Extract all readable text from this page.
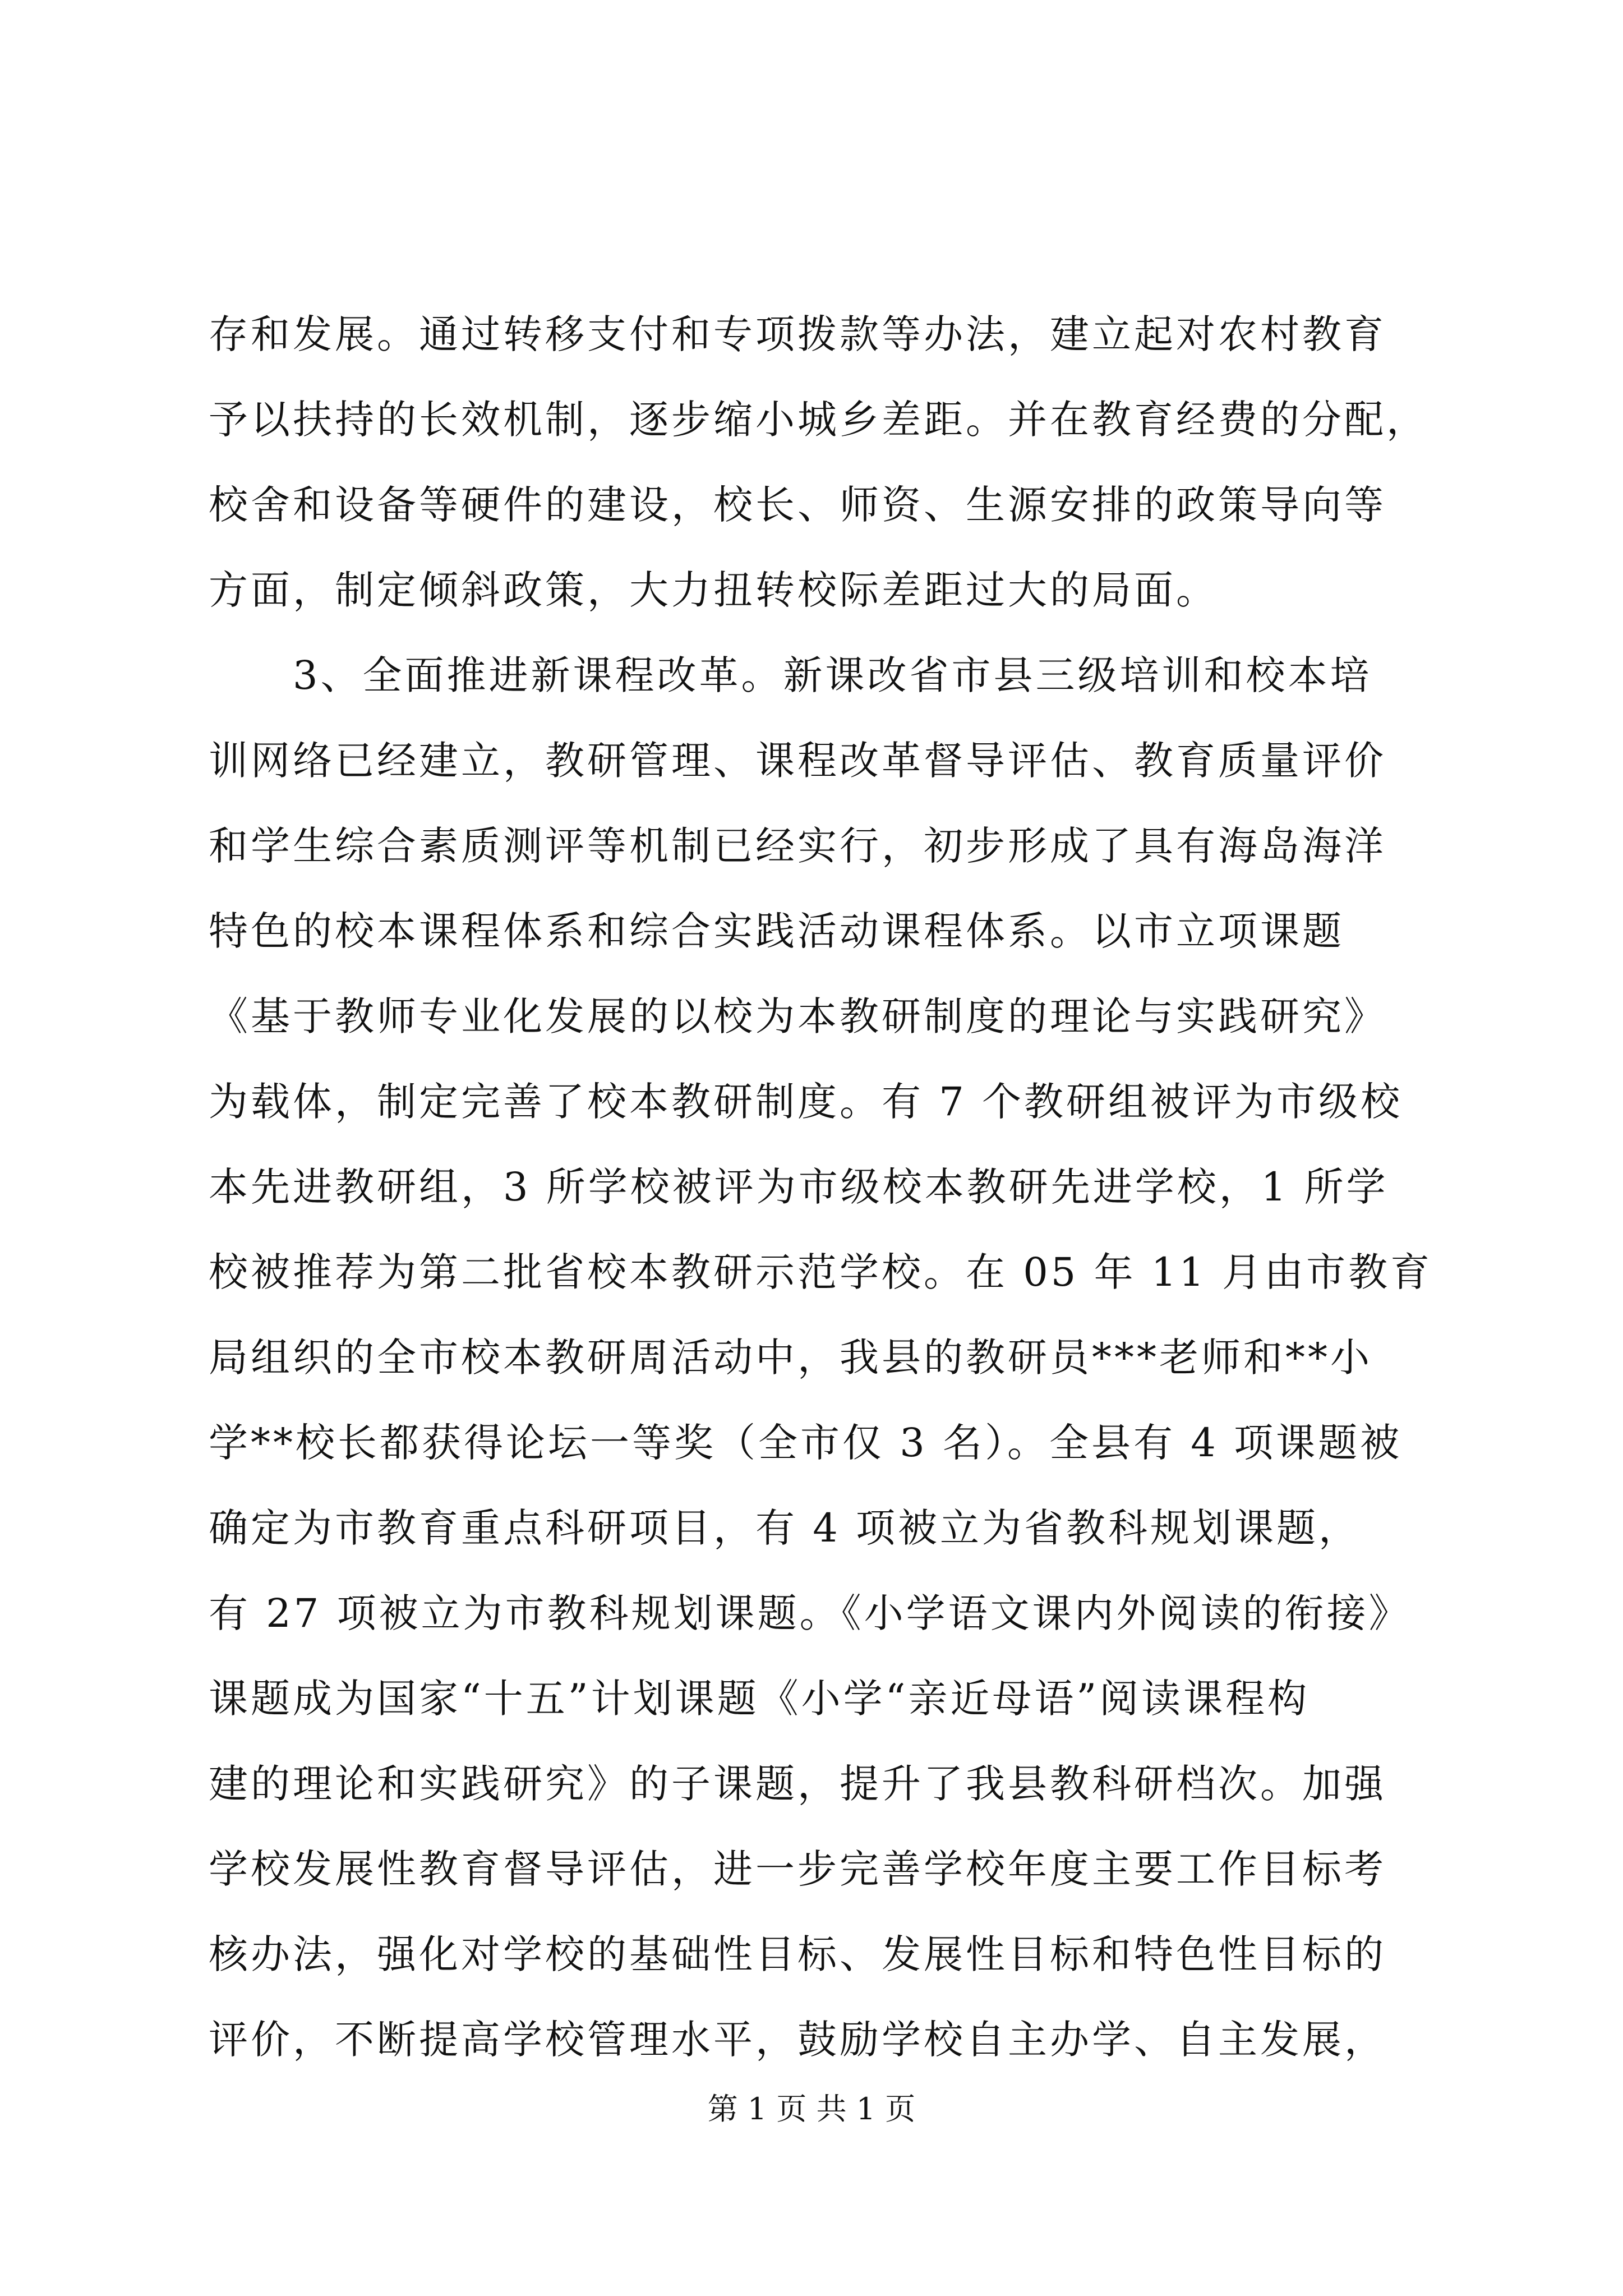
存和发展。通过转移支付和专项拨款等办法，建立起对农村教育
予以扶持的长效机制，逐步缩小城乡差距。并在教育经费的分配，
校舍和设备等硬件的建设，校长、师资、生源安排的政策导向等
方面，制定倾斜政策，大力扭转校际差距过大的局面。
　　3、全面推进新课程改革。新课改省市县三级培训和校本培
训网络已经建立，教研管理、课程改革督导评估、教育质量评价
和学生综合素质测评等机制已经实行，初步形成了具有海岛海洋
特色的校本课程体系和综合实践活动课程体系。以市立项课题
《基于教师专业化发展的以校为本教研制度的理论与实践研究》
为载体，制定完善了校本教研制度。有 7 个教研组被评为市级校
本先进教研组，3 所学校被评为市级校本教研先进学校，1 所学
校被推荐为第二批省校本教研示范学校。在 05 年 11 月由市教育
局组织的全市校本教研周活动中，我县的教研员***老师和**小
学**校长都获得论坛一等奖（全市仅 3 名）。全县有 4 项课题被
确定为市教育重点科研项目，有 4 项被立为省教科规划课题，
有 27 项被立为市教科规划课题。《小学语文课内外阅读的衔接》
课题成为国家“十五”计划课题《小学“亲近母语”阅读课程构
建的理论和实践研究》的子课题，提升了我县教科研档次。加强
学校发展性教育督导评估，进一步完善学校年度主要工作目标考
核办法，强化对学校的基础性目标、发展性目标和特色性目标的
评价，不断提高学校管理水平，鼓励学校自主办学、自主发展，
第 1 页 共 1 页
